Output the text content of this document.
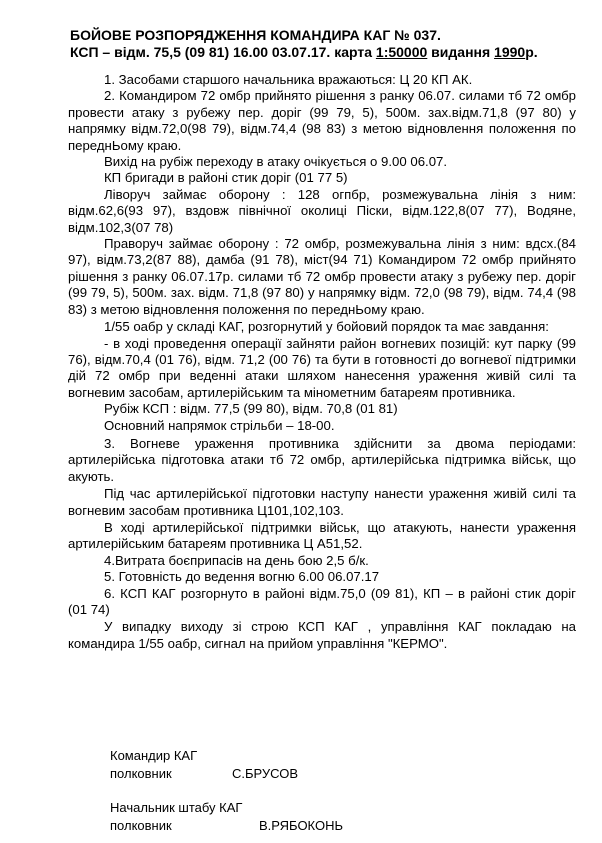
БОЙОВЕ РОЗПОРЯДЖЕННЯ КОМАНДИРА КАГ № 037.
КСП – відм. 75,5 (09 81) 16.00 03.07.17. карта 1:50000 видання 1990р.

1. Засобами старшого начальника вражаються: Ц 20 КП АК.

2. Командиром 72 омбр прийнято рішення з ранку 06.07. силами тб 72 омбр провести атаку з рубежу пер. доріг (99 79, 5), 500м. зах.відм.71,8 (97 80) у напрямку відм.72,0(98 79), відм.74,4 (98 83) з метою відновлення положення по переднЬому краю.

Вихід на рубіж переходу в атаку очікується о 9.00 06.07.

КП бригади в районі стик доріг (01 77 5)

Ліворуч займає оборону : 128 огпбр, розмежувальна лінія з ним: відм.62,6(93 97), вздовж північної околиці Піски, відм.122,8(07 77), Водяне, відм.102,3(07 78)

Праворуч займає оборону : 72 омбр, розмежувальна лінія з ним: вдсх.(84 97), відм.73,2(87 88), дамба (91 78), міст(94 71) Командиром 72 омбр прийнято рішення з ранку 06.07.17р. силами тб 72 омбр провести атаку з рубежу пер. доріг (99 79, 5), 500м. зах. відм. 71,8 (97 80) у напрямку відм. 72,0 (98 79), відм. 74,4 (98 83) з метою відновлення положення по переднЬому краю.

1/55 оабр у складі КАГ, розгорнутий у бойовий порядок та має завдання:

- в ході проведення операції зайняти район вогневих позицій: кут парку (99 76), відм.70,4 (01 76), відм. 71,2 (00 76) та бути в готовності до вогневої підтримки дій 72 омбр при веденні атаки шляхом нанесення ураження живій силі та вогневим засобам, артилерійським та мінометним батареям противника.

Рубіж КСП : відм. 77,5 (99 80), відм. 70,8 (01 81)

Основний напрямок стрільби – 18-00.

3. Вогневе ураження противника здійснити за двома періодами: артилерійська підготовка атаки тб 72 омбр, артилерійська підтримка військ, що акують.

Під час артилерійської підготовки наступу нанести ураження живій силі та вогневим засобам противника Ц101,102,103.

В ході артилерійської підтримки військ, що атакують, нанести ураження артилерійським батареям противника Ц А51,52.

4.Витрата боєприпасів на день бою 2,5 б/к.

5. Готовність до ведення вогню 6.00 06.07.17

6. КСП КАГ розгорнуто в районі відм.75,0 (09 81), КП – в районі стик доріг (01 74)

У випадку виходу зі строю КСП КАГ , управління КАГ покладаю на командира 1/55 оабр, сигнал на прийом управління "КЕРМО".

Командир КАГ
полковник	С.БРУСОВ
Начальник штабу КАГ
полковник	В.РЯБОКОНЬ
